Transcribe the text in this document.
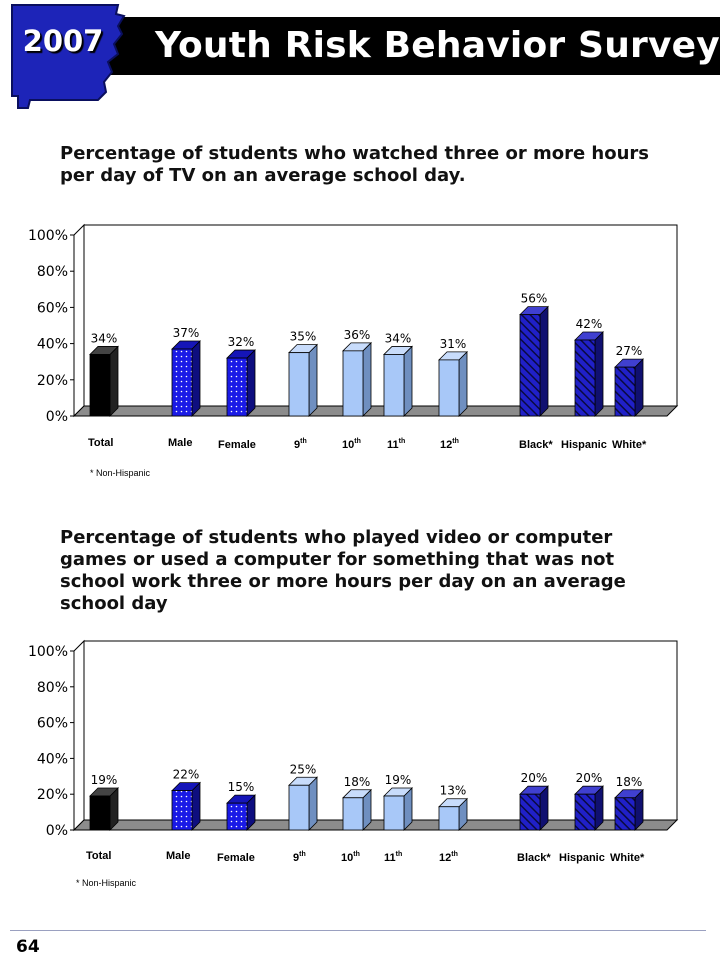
2007 Youth Risk Behavior Survey
Percentage of students who watched three or more hours per day of TV on an average school day.
0%
20%
40%
60%
80%
100%
34%
Total
37%
Male
32%
Female
35%
9th
36%
10th
34%
11th
31%
12th
56%
Black*
42%
Hispanic
27%
White*
* Non-Hispanic
Percentage of students who played video or computer games or used a computer for something that was not school work three or more hours per day on an average school day
0%
20%
40%
60%
80%
100%
19%
Total
22%
Male
15%
Female
25%
9th
18%
10th
19%
11th
13%
12th
20%
Black*
20%
Hispanic
18%
White*
* Non-Hispanic
64
